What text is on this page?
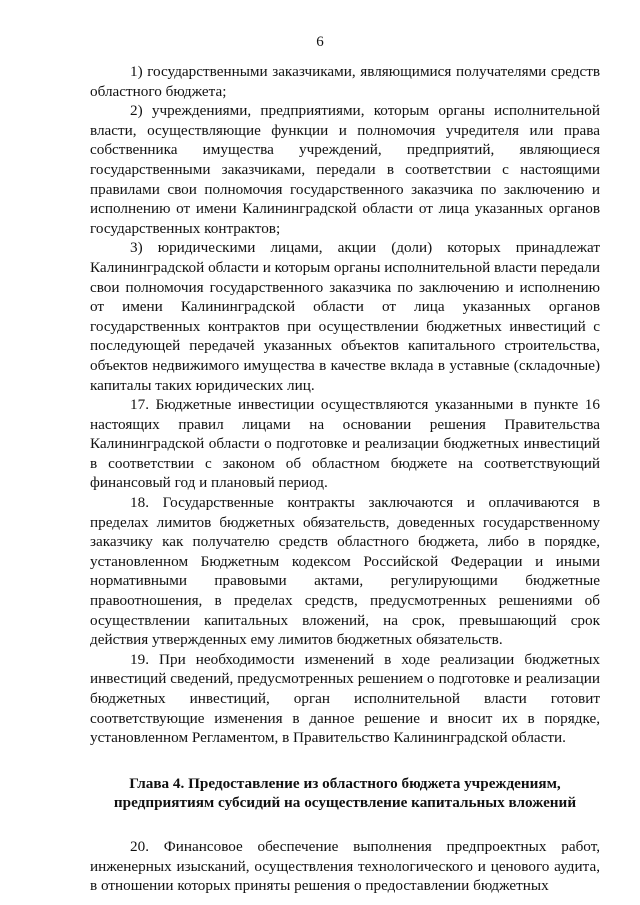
6

1) государственными заказчиками, являющимися получателями средств областного бюджета;

2) учреждениями, предприятиями, которым органы исполнительной власти, осуществляющие функции и полномочия учредителя или права собственника имущества учреждений, предприятий, являющиеся государственными заказчиками, передали в соответствии с настоящими правилами свои полномочия государственного заказчика по заключению и исполнению от имени Калининградской области от лица указанных органов государственных контрактов;

3) юридическими лицами, акции (доли) которых принадлежат Калининградской области и которым органы исполнительной власти передали свои полномочия государственного заказчика по заключению и исполнению от имени Калининградской области от лица указанных органов государственных контрактов при осуществлении бюджетных инвестиций с последующей передачей указанных объектов капитального строительства, объектов недвижимого имущества в качестве вклада в уставные (складочные) капиталы таких юридических лиц.

17. Бюджетные инвестиции осуществляются указанными в пункте 16 настоящих правил лицами на основании решения Правительства Калининградской области о подготовке и реализации бюджетных инвестиций в соответствии с законом об областном бюджете на соответствующий финансовый год и плановый период.

18. Государственные контракты заключаются и оплачиваются в пределах лимитов бюджетных обязательств, доведенных государственному заказчику как получателю средств областного бюджета, либо в порядке, установленном Бюджетным кодексом Российской Федерации и иными нормативными правовыми актами, регулирующими бюджетные правоотношения, в пределах средств, предусмотренных решениями об осуществлении капитальных вложений, на срок, превышающий срок действия утвержденных ему лимитов бюджетных обязательств.

19. При необходимости изменений в ходе реализации бюджетных инвестиций сведений, предусмотренных решением о подготовке и реализации бюджетных инвестиций, орган исполнительной власти готовит соответствующие изменения в данное решение и вносит их в порядке, установленном Регламентом, в Правительство Калининградской области.

Глава 4. Предоставление из областного бюджета учреждениям,
предприятиям субсидий на осуществление капитальных вложений

20. Финансовое обеспечение выполнения предпроектных работ, инженерных изысканий, осуществления технологического и ценового аудита, в отношении которых приняты решения о предоставлении бюджетных
